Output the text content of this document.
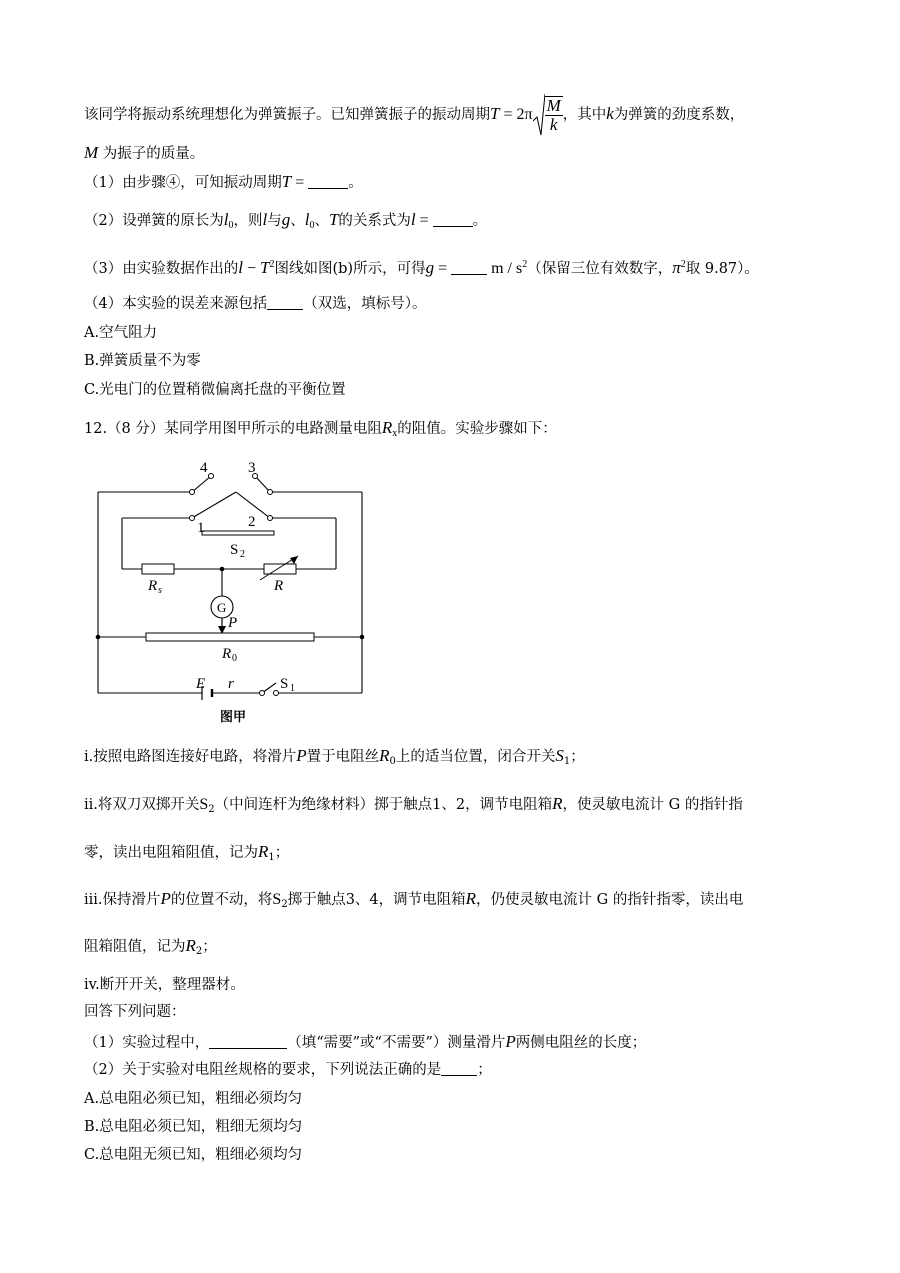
该同学将振动系统理想化为弹簧振子。已知弹簧振子的振动周期$T = 2\pi \frac{M}{k}$ ，其中k为弹簧的劲度系数，
M 为振子的质量。
（1）由步骤④，可知振动周期T =	。
（2）设弹簧的原长为$l_0$，则l与g、$l_0$、T的关系式为l =	。
（3）由实验数据作出的$l - T^2$图线如图(b)所示，可得$g = m / s^2$（保留三位有效数字，$\pi^2$取 9.87）。
（4）本实验的误差来源包括 （双选，填标号）。
A.空气阻力
B.弹簧质量不为零
C.光电门的位置稍微偏离托盘的平衡位置
12.（8 分）某同学用图甲所示的电路测量电阻$R_x$的阻值。实验步骤如下：
4	3
1	2
S 2
R s	R
G
P
R 0
E r	S 1
图甲
i.按照电路图连接好电路，将滑片P置于电阻丝$R_0$上的适当位置，闭合开关$S_1$；
ii.将双刀双掷开关$S_2$（中间连杆为绝缘材料）掷于触点1、2，调节电阻箱R，使灵敏电流计 G 的指针指
零，读出电阻箱阻值，记为$R_1$；
iii.保持滑片P的位置不动，将$S_2$掷于触点3、4，调节电阻箱R，仍使灵敏电流计 G 的指针指零，读出电
阻箱阻值，记为$R_2$；
iv.断开开关，整理器材。
回答下列问题：
（1）实验过程中，	（填“需要”或“不需要”）测量滑片P两侧电阻丝的长度；
（2）关于实验对电阻丝规格的要求，下列说法正确的是 ；
A.总电阻必须已知，粗细必须均匀
B.总电阻必须已知，粗细无须均匀
C.总电阻无须已知，粗细必须均匀
